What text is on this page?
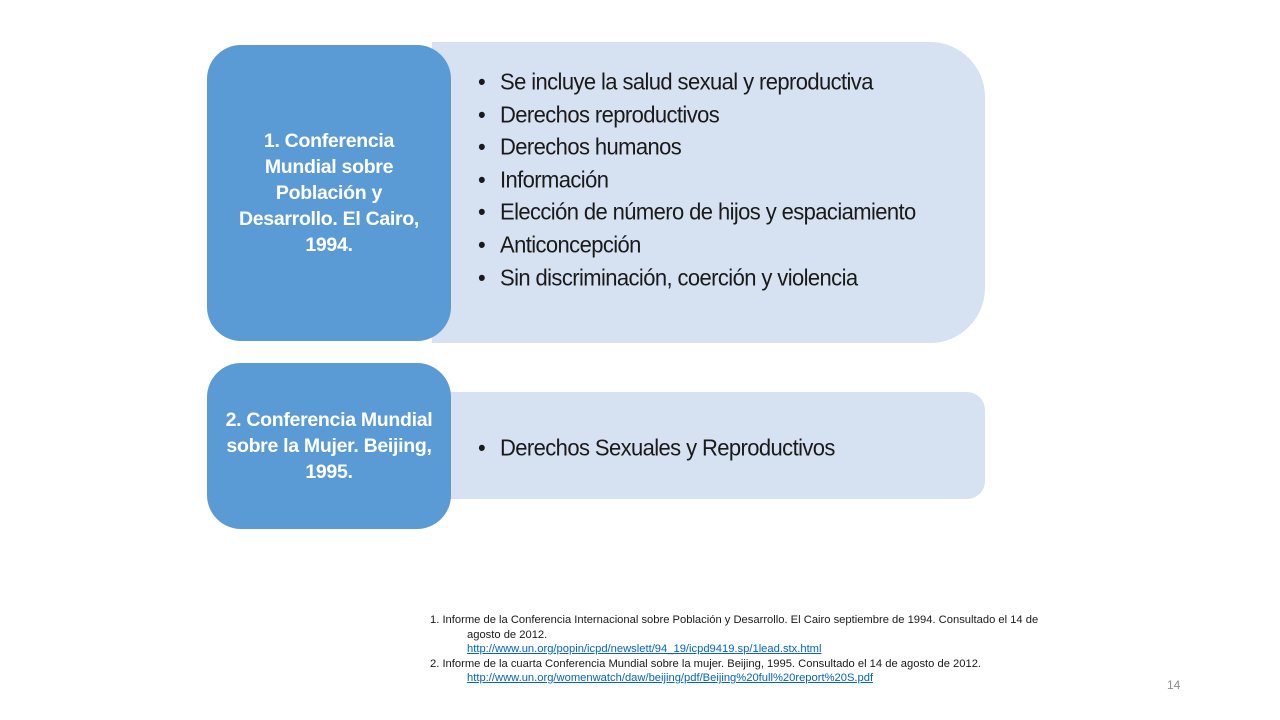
• Se incluye la salud sexual y reproductiva
• Derechos reproductivos
• Derechos humanos
• Información
• Elección de número de hijos y espaciamiento
• Anticoncepción
• Sin discriminación, coerción y violencia
1. Conferencia Mundial sobre Población y Desarrollo. El Cairo, 1994.
• Derechos Sexuales y Reproductivos
2. Conferencia Mundial sobre la Mujer. Beijing, 1995.

1. Informe de la Conferencia Internacional sobre Población y Desarrollo. El Cairo septiembre de 1994. Consultado el 14 de agosto de 2012.
http://www.un.org/popin/icpd/newslett/94_19/icpd9419.sp/1lead.stx.html

2. Informe de la cuarta Conferencia Mundial sobre la mujer. Beijing, 1995. Consultado el 14 de agosto de 2012. http://www.un.org/womenwatch/daw/beijing/pdf/Beijing%20full%20report%20S.pdf	14
